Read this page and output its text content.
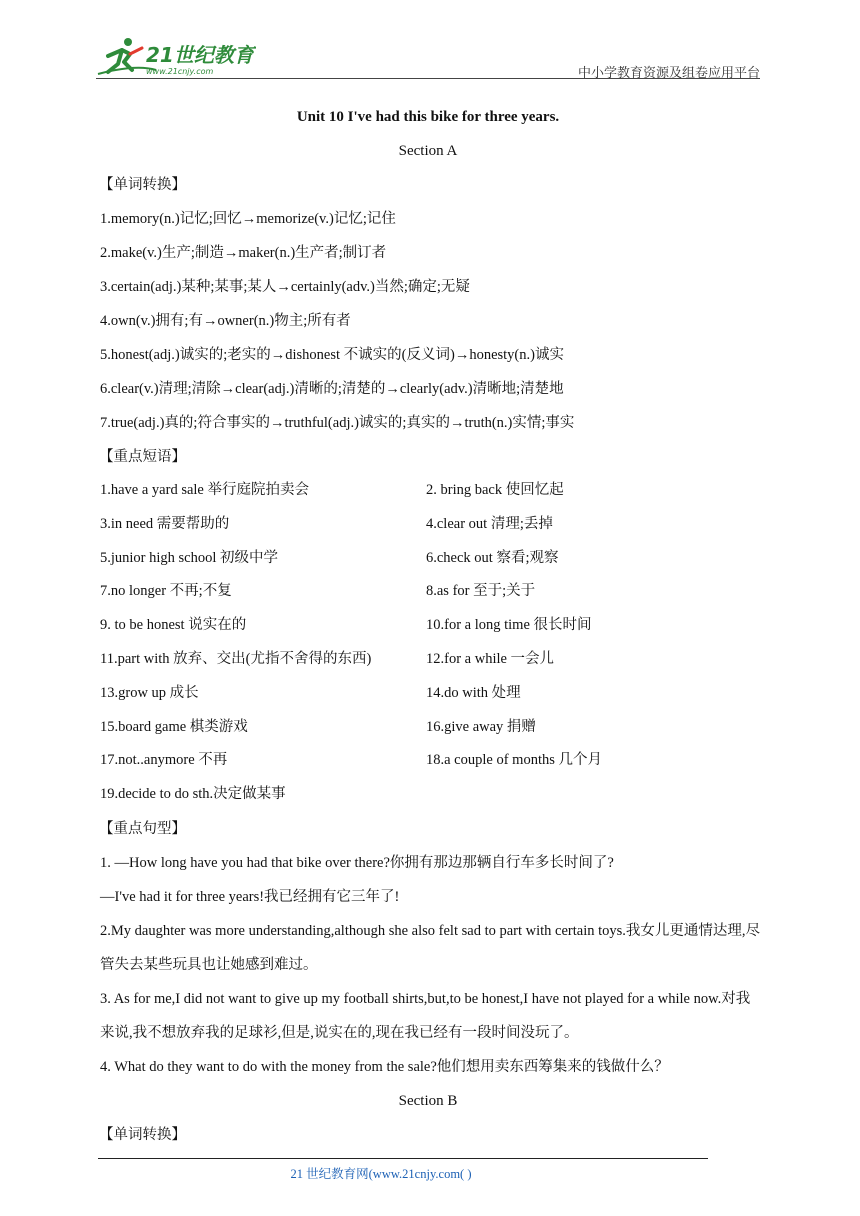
21世纪教育
www.21cnjy.com	中小学教育资源及组卷应用平台
Unit 10 I've had this bike for three years.
Section A
【单词转换】
1.memory(n.)记忆;回忆→memorize(v.)记忆;记住
2.make(v.)生产;制造→maker(n.)生产者;制订者
3.certain(adj.)某种;某事;某人→certainly(adv.)当然;确定;无疑
4.own(v.)拥有;有→owner(n.)物主;所有者
5.honest(adj.)诚实的;老实的→dishonest 不诚实的(反义词)→honesty(n.)诚实
6.clear(v.)清理;清除→clear(adj.)清晰的;清楚的→clearly(adv.)清晰地;清楚地
7.true(adj.)真的;符合事实的→truthful(adj.)诚实的;真实的→truth(n.)实情;事实
【重点短语】
1.have a yard sale 举行庭院拍卖会	2. bring back 使回忆起
3.in need 需要帮助的	4.clear out 清理;丢掉
5.junior high school 初级中学	6.check out 察看;观察
7.no longer 不再;不复	8.as for 至于;关于
9. to be honest 说实在的	10.for a long time 很长时间
11.part with 放弃、交出(尤指不舍得的东西)	12.for a while 一会儿
13.grow up 成长	14.do with 处理
15.board game 棋类游戏	16.give away 捐赠
17.not..anymore 不再	18.a couple of months 几个月
19.decide to do sth.决定做某事
【重点句型】
1. —How long have you had that bike over there?你拥有那边那辆自行车多长时间了?
—I've had it for three years!我已经拥有它三年了!
2.My daughter was more understanding,although she also felt sad to part with certain toys.我女儿更通情达理,尽管失去某些玩具也让她感到难过。
3. As for me,I did not want to give up my football shirts,but,to be honest,I have not played for a while now.对我来说,我不想放弃我的足球衫,但是,说实在的,现在我已经有一段时间没玩了。
4. What do they want to do with the money from the sale?他们想用卖东西筹集来的钱做什么？
Section B
【单词转换】
21 世纪教育网(www.21cnjy.com( )
